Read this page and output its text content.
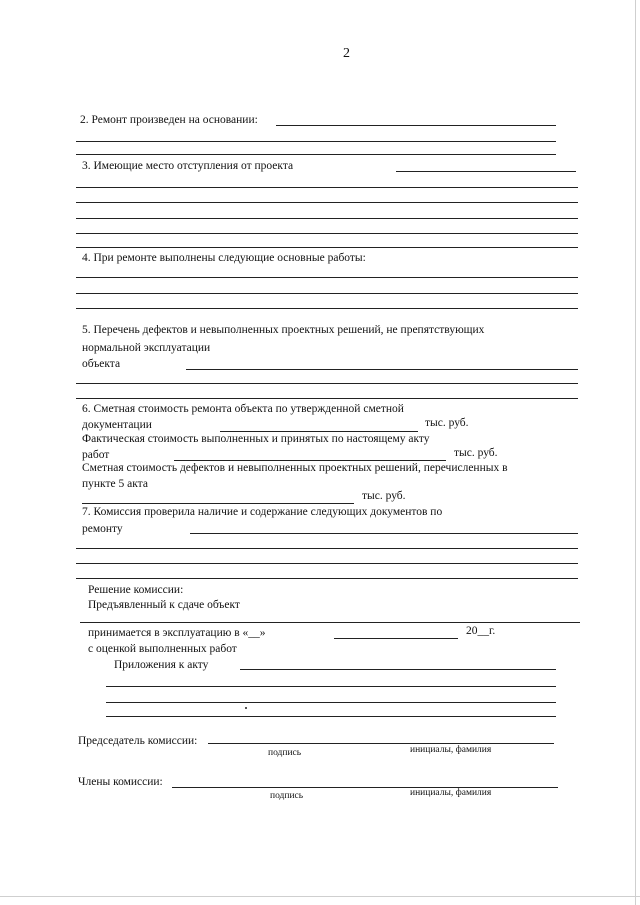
2
2. Ремонт произведен на основании:
3. Имеющие место отступления от проекта
4. При ремонте выполнены следующие основные работы:
5. Перечень дефектов и невыполненных проектных решений, не препятствующих
нормальной эксплуатации
объекта
6. Сметная стоимость ремонта объекта по утвержденной сметной
документации	тыс. руб.
Фактическая стоимость выполненных и принятых по настоящему акту
работ	тыс. руб.
Сметная стоимость дефектов и невыполненных проектных решений, перечисленных в
пункте 5 акта
тыс. руб.
7. Комиссия проверила наличие и содержание следующих документов по
ремонту
Решение комиссии:
Предъявленный к сдаче объект
принимается в эксплуатацию в «__»	20__г.
с оценкой выполненных работ
Приложения к акту
Председатель комиссии:
подпись	инициалы, фамилия
Члены комиссии:
подпись	инициалы, фамилия
